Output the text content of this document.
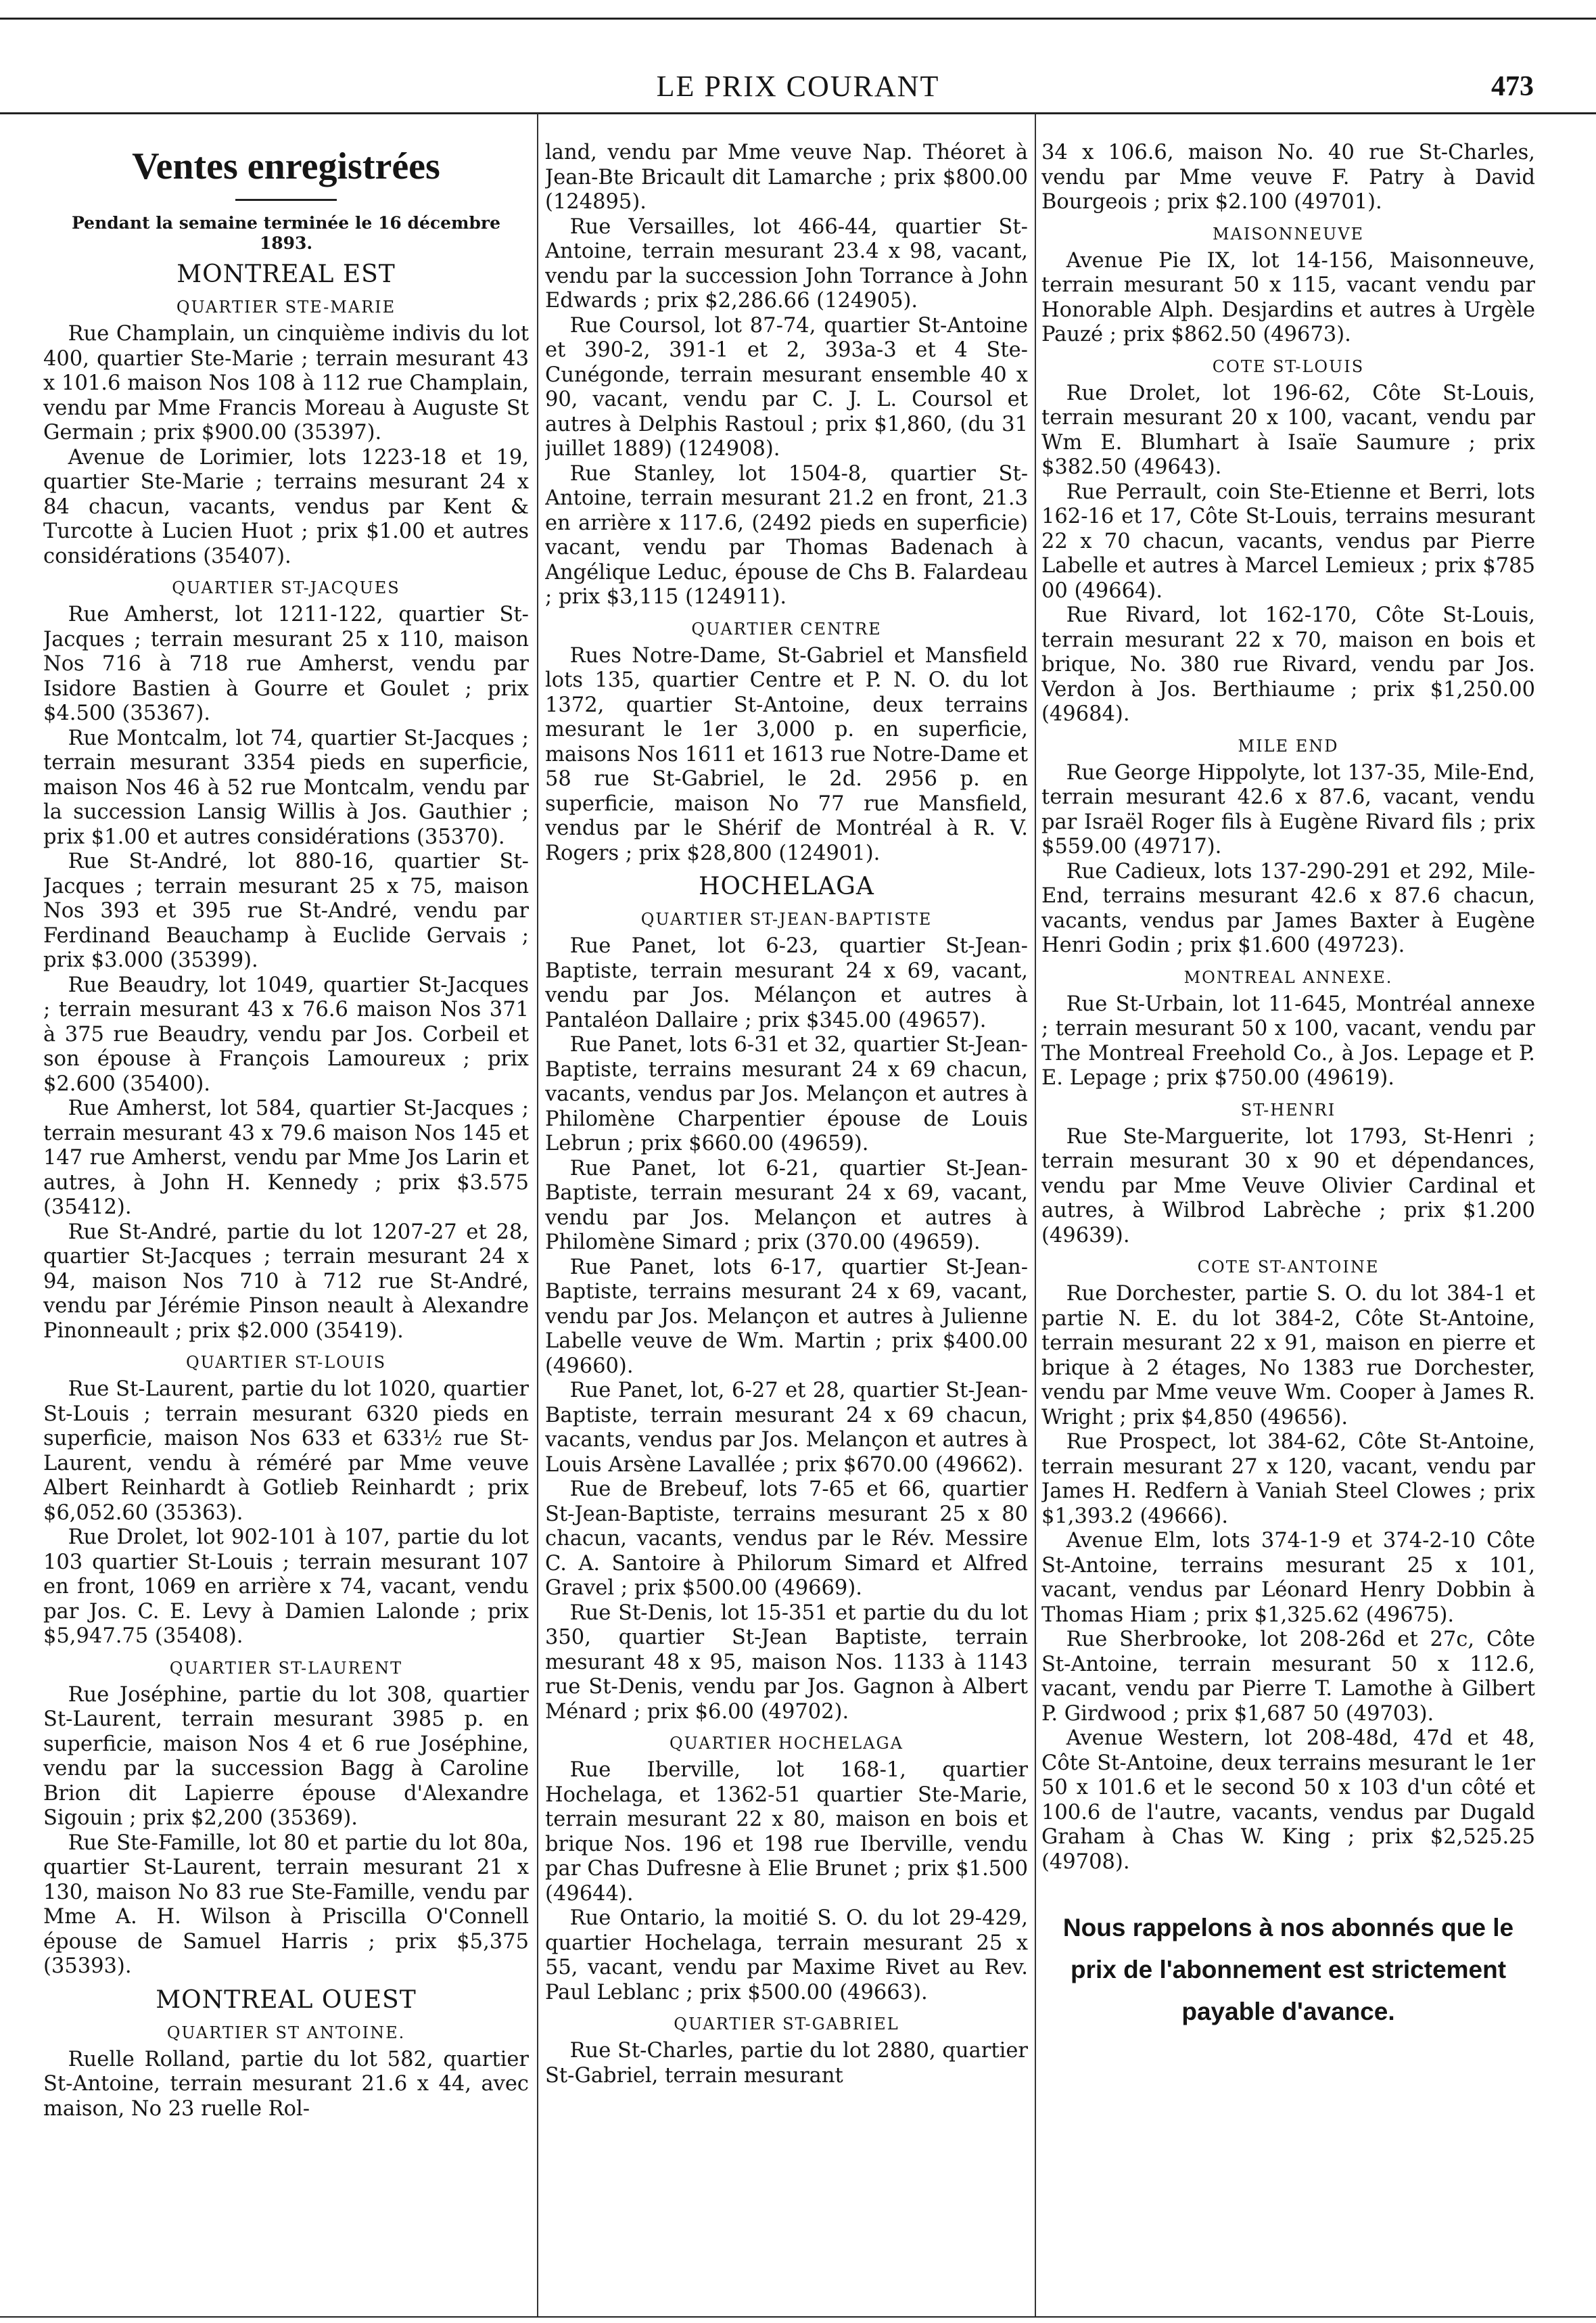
LE PRIX COURANT	473
Ventes enregistrées
Pendant la semaine terminée le 16 décembre 1893.
MONTREAL EST
QUARTIER STE-MARIE

Rue Champlain, un cinquième indivis du lot 400, quartier Ste-Marie ; terrain mesurant 43 x 101.6 maison Nos 108 à 112 rue Champlain, vendu par Mme Francis Moreau à Auguste St Germain ; prix $900.00 (35397).

Avenue de Lorimier, lots 1223-18 et 19, quartier Ste-Marie ; terrains mesurant 24 x 84 chacun, vacants, vendus par Kent & Turcotte à Lucien Huot ; prix $1.00 et autres considérations (35407).

QUARTIER ST-JACQUES

Rue Amherst, lot 1211-122, quartier St-Jacques ; terrain mesurant 25 x 110, maison Nos 716 à 718 rue Amherst, vendu par Isidore Bastien à Gourre et Goulet ; prix $4.500 (35367).

Rue Montcalm, lot 74, quartier St-Jacques ; terrain mesurant 3354 pieds en superficie, maison Nos 46 à 52 rue Montcalm, vendu par la succession Lansig Willis à Jos. Gauthier ; prix $1.00 et autres considérations (35370).

Rue St-André, lot 880-16, quartier St-Jacques ; terrain mesurant 25 x 75, maison Nos 393 et 395 rue St-André, vendu par Ferdinand Beauchamp à Euclide Gervais ; prix $3.000 (35399).

Rue Beaudry, lot 1049, quartier St-Jacques ; terrain mesurant 43 x 76.6 maison Nos 371 à 375 rue Beaudry, vendu par Jos. Corbeil et son épouse à François Lamoureux ; prix $2.600 (35400).

Rue Amherst, lot 584, quartier St-Jacques ; terrain mesurant 43 x 79.6 maison Nos 145 et 147 rue Amherst, vendu par Mme Jos Larin et autres, à John H. Kennedy ; prix $3.575 (35412).

Rue St-André, partie du lot 1207-27 et 28, quartier St-Jacques ; terrain mesurant 24 x 94, maison Nos 710 à 712 rue St-André, vendu par Jérémie Pinson neault à Alexandre Pinonneault ; prix $2.000 (35419).

QUARTIER ST-LOUIS

Rue St-Laurent, partie du lot 1020, quartier St-Louis ; terrain mesurant 6320 pieds en superficie, maison Nos 633 et 633½ rue St-Laurent, vendu à réméré par Mme veuve Albert Reinhardt à Gotlieb Reinhardt ; prix $6,052.60 (35363).

Rue Drolet, lot 902-101 à 107, partie du lot 103 quartier St-Louis ; terrain mesurant 107 en front, 1069 en arrière x 74, vacant, vendu par Jos. C. E. Levy à Damien Lalonde ; prix $5,947.75 (35408).

QUARTIER ST-LAURENT

Rue Joséphine, partie du lot 308, quartier St-Laurent, terrain mesurant 3985 p. en superficie, maison Nos 4 et 6 rue Joséphine, vendu par la succession Bagg à Caroline Brion dit Lapierre épouse d'Alexandre Sigouin ; prix $2,200 (35369).

Rue Ste-Famille, lot 80 et partie du lot 80a, quartier St-Laurent, terrain mesurant 21 x 130, maison No 83 rue Ste-Famille, vendu par Mme A. H. Wilson à Priscilla O'Connell épouse de Samuel Harris ; prix $5,375 (35393).

MONTREAL OUEST
QUARTIER ST ANTOINE.

Ruelle Rolland, partie du lot 582, quartier St-Antoine, terrain mesurant 21.6 x 44, avec maison, No 23 ruelle Rol-

land, vendu par Mme veuve Nap. Théoret à Jean-Bte Bricault dit Lamarche ; prix $800.00 (124895).

Rue Versailles, lot 466-44, quartier St-Antoine, terrain mesurant 23.4 x 98, vacant, vendu par la succession John Torrance à John Edwards ; prix $2,286.66 (124905).

Rue Coursol, lot 87-74, quartier St-Antoine et 390-2, 391-1 et 2, 393a-3 et 4 Ste-Cunégonde, terrain mesurant ensemble 40 x 90, vacant, vendu par C. J. L. Coursol et autres à Delphis Rastoul ; prix $1,860, (du 31 juillet 1889) (124908).

Rue Stanley, lot 1504-8, quartier St-Antoine, terrain mesurant 21.2 en front, 21.3 en arrière x 117.6, (2492 pieds en superficie) vacant, vendu par Thomas Badenach à Angélique Leduc, épouse de Chs B. Falardeau ; prix $3,115 (124911).

QUARTIER CENTRE

Rues Notre-Dame, St-Gabriel et Mansfield lots 135, quartier Centre et P. N. O. du lot 1372, quartier St-Antoine, deux terrains mesurant le 1er 3,000 p. en superficie, maisons Nos 1611 et 1613 rue Notre-Dame et 58 rue St-Gabriel, le 2d. 2956 p. en superficie, maison No 77 rue Mansfield, vendus par le Shérif de Montréal à R. V. Rogers ; prix $28,800 (124901).

HOCHELAGA
QUARTIER ST-JEAN-BAPTISTE

Rue Panet, lot 6-23, quartier St-Jean-Baptiste, terrain mesurant 24 x 69, vacant, vendu par Jos. Mélançon et autres à Pantaléon Dallaire ; prix $345.00 (49657).

Rue Panet, lots 6-31 et 32, quartier St-Jean-Baptiste, terrains mesurant 24 x 69 chacun, vacants, vendus par Jos. Melançon et autres à Philomène Charpentier épouse de Louis Lebrun ; prix $660.00 (49659).

Rue Panet, lot 6-21, quartier St-Jean-Baptiste, terrain mesurant 24 x 69, vacant, vendu par Jos. Melançon et autres à Philomène Simard ; prix (370.00 (49659).

Rue Panet, lots 6-17, quartier St-Jean-Baptiste, terrains mesurant 24 x 69, vacant, vendu par Jos. Melançon et autres à Julienne Labelle veuve de Wm. Martin ; prix $400.00 (49660).

Rue Panet, lot, 6-27 et 28, quartier St-Jean-Baptiste, terrain mesurant 24 x 69 chacun, vacants, vendus par Jos. Melançon et autres à Louis Arsène Lavallée ; prix $670.00 (49662).

Rue de Brebeuf, lots 7-65 et 66, quartier St-Jean-Baptiste, terrains mesurant 25 x 80 chacun, vacants, vendus par le Rév. Messire C. A. Santoire à Philorum Simard et Alfred Gravel ; prix $500.00 (49669).

Rue St-Denis, lot 15-351 et partie du du lot 350, quartier St-Jean Baptiste, terrain mesurant 48 x 95, maison Nos. 1133 à 1143 rue St-Denis, vendu par Jos. Gagnon à Albert Ménard ; prix $6.00 (49702).

QUARTIER HOCHELAGA

Rue Iberville, lot 168-1, quartier Hochelaga, et 1362-51 quartier Ste-Marie, terrain mesurant 22 x 80, maison en bois et brique Nos. 196 et 198 rue Iberville, vendu par Chas Dufresne à Elie Brunet ; prix $1.500 (49644).

Rue Ontario, la moitié S. O. du lot 29-429, quartier Hochelaga, terrain mesurant 25 x 55, vacant, vendu par Maxime Rivet au Rev. Paul Leblanc ; prix $500.00 (49663).

QUARTIER ST-GABRIEL

Rue St-Charles, partie du lot 2880, quartier St-Gabriel, terrain mesurant

34 x 106.6, maison No. 40 rue St-Charles, vendu par Mme veuve F. Patry à David Bourgeois ; prix $2.100 (49701).

MAISONNEUVE

Avenue Pie IX, lot 14-156, Maisonneuve, terrain mesurant 50 x 115, vacant vendu par Honorable Alph. Desjardins et autres à Urgèle Pauzé ; prix $862.50 (49673).

COTE ST-LOUIS

Rue Drolet, lot 196-62, Côte St-Louis, terrain mesurant 20 x 100, vacant, vendu par Wm E. Blumhart à Isaïe Saumure ; prix $382.50 (49643).

Rue Perrault, coin Ste-Etienne et Berri, lots 162-16 et 17, Côte St-Louis, terrains mesurant 22 x 70 chacun, vacants, vendus par Pierre Labelle et autres à Marcel Lemieux ; prix $785 00 (49664).

Rue Rivard, lot 162-170, Côte St-Louis, terrain mesurant 22 x 70, maison en bois et brique, No. 380 rue Rivard, vendu par Jos. Verdon à Jos. Berthiaume ; prix $1,250.00 (49684).

MILE END

Rue George Hippolyte, lot 137-35, Mile-End, terrain mesurant 42.6 x 87.6, vacant, vendu par Israël Roger fils à Eugène Rivard fils ; prix $559.00 (49717).

Rue Cadieux, lots 137-290-291 et 292, Mile-End, terrains mesurant 42.6 x 87.6 chacun, vacants, vendus par James Baxter à Eugène Henri Godin ; prix $1.600 (49723).

MONTREAL ANNEXE.

Rue St-Urbain, lot 11-645, Montréal annexe ; terrain mesurant 50 x 100, vacant, vendu par The Montreal Freehold Co., à Jos. Lepage et P. E. Lepage ; prix $750.00 (49619).

ST-HENRI

Rue Ste-Marguerite, lot 1793, St-Henri ; terrain mesurant 30 x 90 et dépendances, vendu par Mme Veuve Olivier Cardinal et autres, à Wilbrod Labrèche ; prix $1.200 (49639).

COTE ST-ANTOINE

Rue Dorchester, partie S. O. du lot 384-1 et partie N. E. du lot 384-2, Côte St-Antoine, terrain mesurant 22 x 91, maison en pierre et brique à 2 étages, No 1383 rue Dorchester, vendu par Mme veuve Wm. Cooper à James R. Wright ; prix $4,850 (49656).

Rue Prospect, lot 384-62, Côte St-Antoine, terrain mesurant 27 x 120, vacant, vendu par James H. Redfern à Vaniah Steel Clowes ; prix $1,393.2 (49666).

Avenue Elm, lots 374-1-9 et 374-2-10 Côte St-Antoine, terrains mesurant 25 x 101, vacant, vendus par Léonard Henry Dobbin à Thomas Hiam ; prix $1,325.62 (49675).

Rue Sherbrooke, lot 208-26d et 27c, Côte St-Antoine, terrain mesurant 50 x 112.6, vacant, vendu par Pierre T. Lamothe à Gilbert P. Girdwood ; prix $1,687 50 (49703).

Avenue Western, lot 208-48d, 47d et 48, Côte St-Antoine, deux terrains mesurant le 1er 50 x 101.6 et le second 50 x 103 d'un côté et 100.6 de l'autre, vacants, vendus par Dugald Graham à Chas W. King ; prix $2,525.25 (49708).

Nous rappelons à nos abonnés que le prix de l'abonnement est strictement payable d'avance.
